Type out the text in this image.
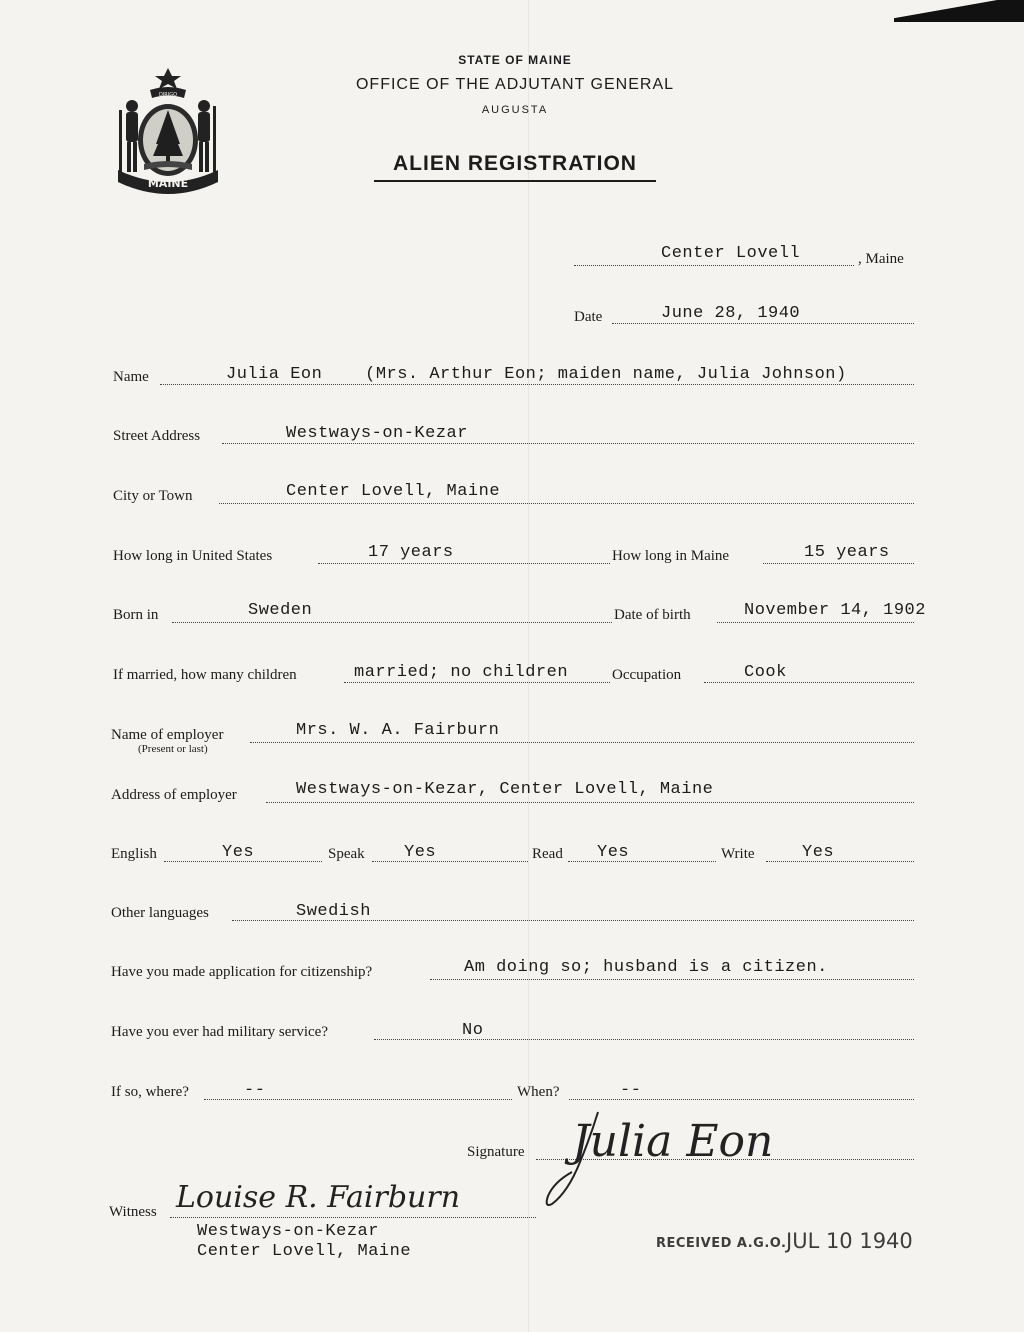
DIRIGO
MAINE
STATE OF MAINE
OFFICE OF THE ADJUTANT GENERAL
AUGUSTA
ALIEN REGISTRATION
Center Lovell	, Maine
Date	June 28, 1940
Name	Julia Eon    (Mrs. Arthur Eon; maiden name, Julia Johnson)
Street Address	Westways-on-Kezar
City or Town	Center Lovell, Maine
How long in United States	17 years	How long in Maine	15 years
Born in	Sweden	Date of birth	November 14, 1902
If married, how many children	married; no children	Occupation	Cook
Name of employer
(Present or last)
Mrs. W. A. Fairburn
Address of employer	Westways-on-Kezar, Center Lovell, Maine
English	Yes	Speak Yes	Read Yes	Write	Yes
Other languages	Swedish
Have you made application for citizenship?	Am doing so; husband is a citizen.
Have you ever had military service?	No
If so, where?	--	When?	--
Signature Julia Eon
Witness Louise R. Fairburn
Westways-on-Kezar
Center Lovell, Maine	RECEIVED A.G.O. JUL 10 1940
